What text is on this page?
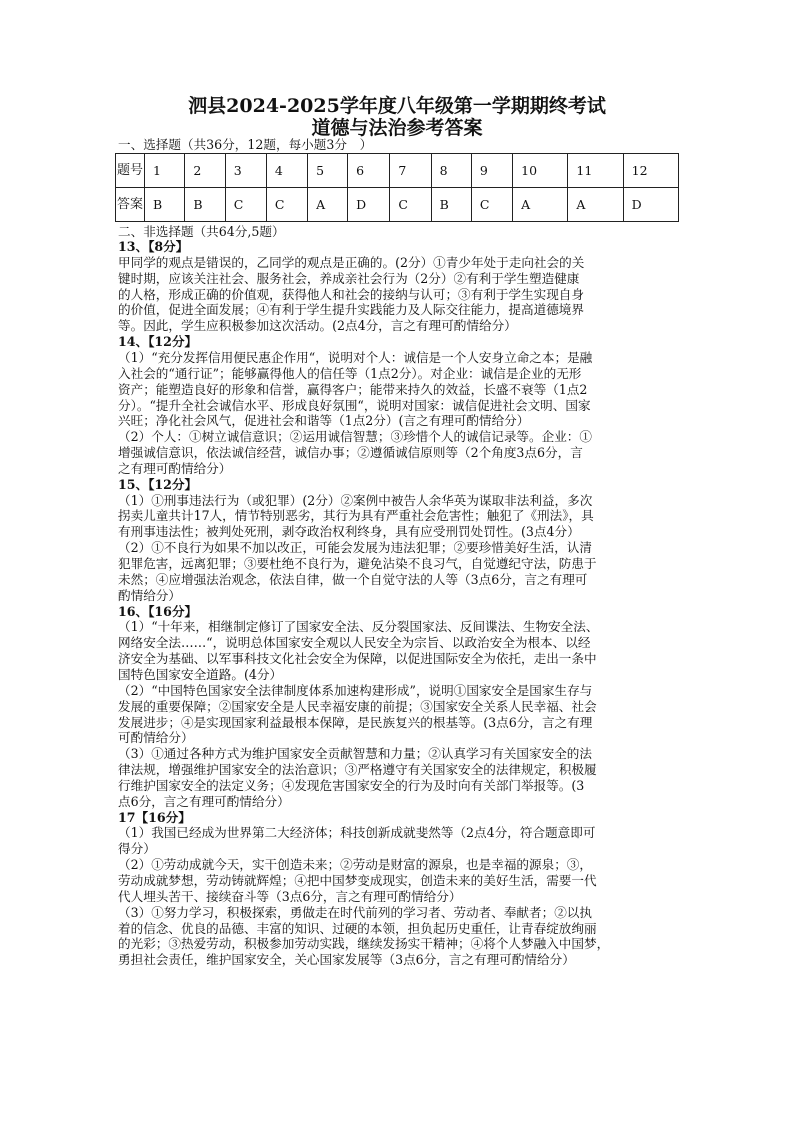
泗县2024-2025学年度八年级第一学期期终考试
道德与法治参考答案
一、选择题（共36分，12题，每小题3分　）
题号	1	2	3	4	5	6	7	8	9	10	11	12
答案	B	B	C	C	A	D	C	B	C	A	A	D
二、非选择题（共64分,5题）
13、【8分】
甲同学的观点是错误的，乙同学的观点是正确的。(2分）①青少年处于走向社会的关
键时期，应该关注社会、服务社会，养成亲社会行为（2分）②有利于学生塑造健康
的人格，形成正确的价值观，获得他人和社会的接纳与认可；③有利于学生实现自身
的价值，促进全面发展；④有利于学生提升实践能力及人际交往能力，提高道德境界
等。因此，学生应积极参加这次活动。(2点4分，言之有理可酌情给分）
14、【12分】
（1）“充分发挥信用便民惠企作用“，说明对个人：诚信是一个人安身立命之本；是融
入社会的“通行证”；能够赢得他人的信任等（1点2分）。对企业：诚信是企业的无形
资产；能塑造良好的形象和信誉，赢得客户；能带来持久的效益，长盛不衰等（1点2
分）。“提升全社会诚信水平、形成良好氛围“，说明对国家：诚信促进社会文明、国家
兴旺；净化社会风气，促进社会和谐等（1点2分）(言之有理可酌情给分）
（2）个人：①树立诚信意识；②运用诚信智慧；③珍惜个人的诚信记录等。企业：①
增强诚信意识，依法诚信经营，诚信办事；②遵循诚信原则等（2个角度3点6分，言
之有理可酌情给分）
15、【12分】
（1）①刑事违法行为（或犯罪）(2分）②案例中被告人余华英为谋取非法利益，多次
拐卖儿童共计17人，情节特别恶劣，其行为具有严重社会危害性；触犯了《刑法》，具
有刑事违法性；被判处死刑，剥夺政治权利终身，具有应受刑罚处罚性。(3点4分）
（2）①不良行为如果不加以改正，可能会发展为违法犯罪；②要珍惜美好生活，认清
犯罪危害，远离犯罪；③要杜绝不良行为，避免沾染不良习气，自觉遵纪守法，防患于
未然；④应增强法治观念，依法自律，做一个自觉守法的人等（3点6分，言之有理可
酌情给分）
16、【16分】
（1）“十年来，相继制定修订了国家安全法、反分裂国家法、反间谍法、生物安全法、
网络安全法……“，说明总体国家安全观以人民安全为宗旨、以政治安全为根本、以经
济安全为基础、以军事科技文化社会安全为保障，以促进国际安全为依托，走出一条中
国特色国家安全道路。(4分）
（2）“中国特色国家安全法律制度体系加速构建形成”，说明①国家安全是国家生存与
发展的重要保障；②国家安全是人民幸福安康的前提；③国家安全关系人民幸福、社会
发展进步；④是实现国家利益最根本保障，是民族复兴的根基等。(3点6分，言之有理
可酌情给分）
（3）①通过各种方式为维护国家安全贡献智慧和力量；②认真学习有关国家安全的法
律法规，增强维护国家安全的法治意识；③严格遵守有关国家安全的法律规定，积极履
行维护国家安全的法定义务；④发现危害国家安全的行为及时向有关部门举报等。(3
点6分，言之有理可酌情给分）
17【16分】
（1）我国已经成为世界第二大经济体；科技创新成就斐然等（2点4分，符合题意即可
得分）
（2）①劳动成就今天，实干创造未来；②劳动是财富的源泉，也是幸福的源泉；③，
劳动成就梦想，劳动铸就辉煌；④把中国梦变成现实，创造未来的美好生活，需要一代
代人埋头苦干、接续奋斗等（3点6分，言之有理可酌情给分）
（3）①努力学习，积极探索，勇做走在时代前列的学习者、劳动者、奉献者；②以执
着的信念、优良的品德、丰富的知识、过硬的本领，担负起历史重任，让青春绽放绚丽
的光彩；③热爱劳动，积极参加劳动实践，继续发扬实干精神；④将个人梦融入中国梦，
勇担社会责任，维护国家安全，关心国家发展等（3点6分，言之有理可酌情给分）
